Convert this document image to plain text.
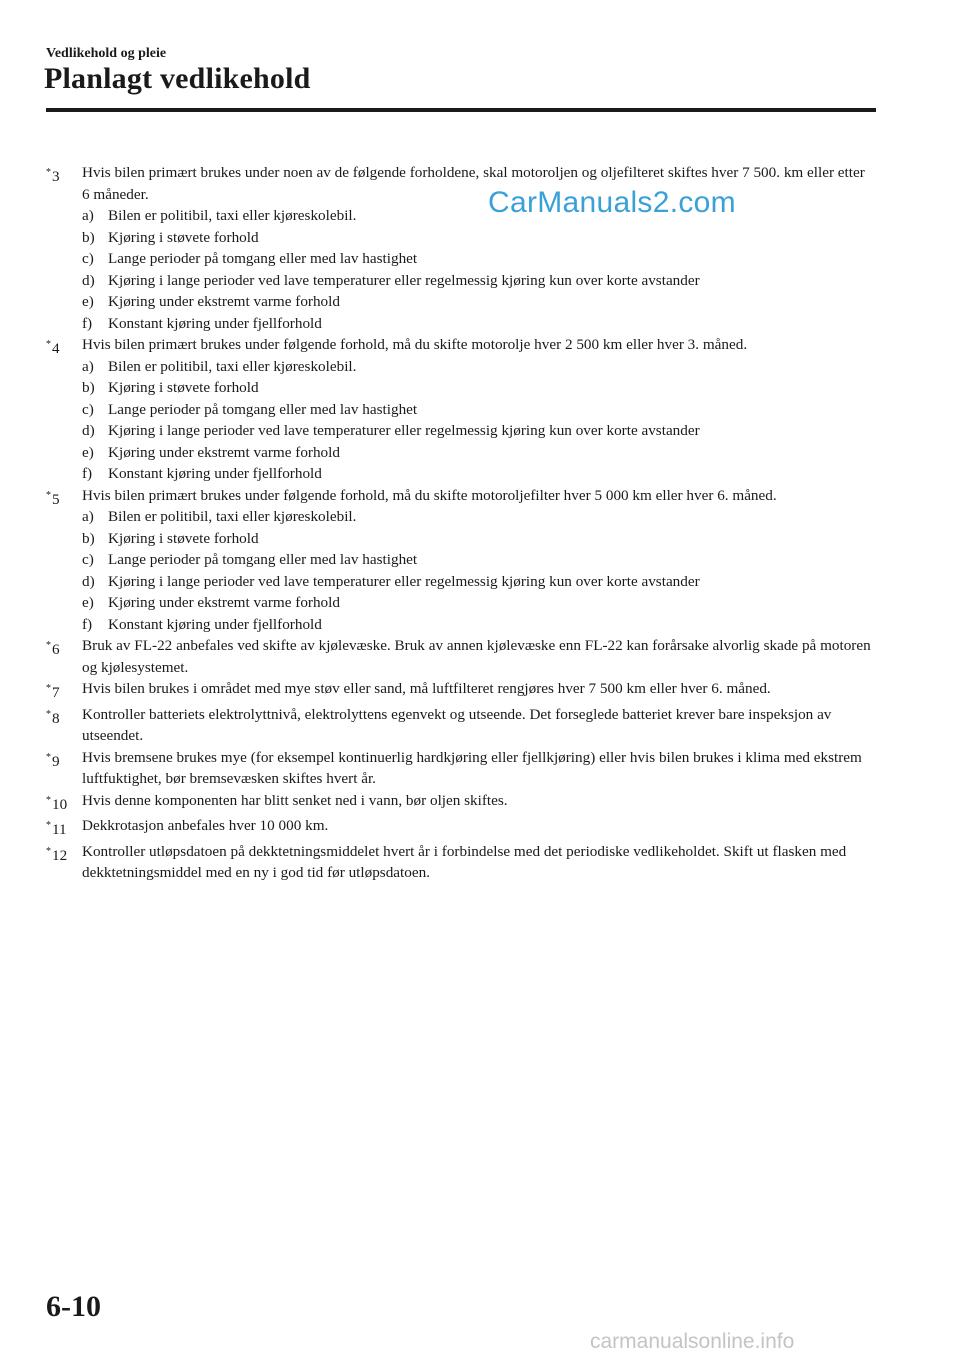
Vedlikehold og pleie
Planlagt vedlikehold
*3	Hvis bilen primært brukes under noen av de følgende forholdene, skal motoroljen og oljefilteret skiftes hver 7 500. km eller etter 6 måneder.
a) Bilen er politibil, taxi eller kjøreskolebil.
b) Kjøring i støvete forhold
c) Lange perioder på tomgang eller med lav hastighet
d) Kjøring i lange perioder ved lave temperaturer eller regelmessig kjøring kun over korte avstander
e) Kjøring under ekstremt varme forhold
f)	Konstant kjøring under fjellforhold
*4	Hvis bilen primært brukes under følgende forhold, må du skifte motorolje hver 2 500 km eller hver 3. måned.
a) Bilen er politibil, taxi eller kjøreskolebil.
b) Kjøring i støvete forhold
c) Lange perioder på tomgang eller med lav hastighet
d) Kjøring i lange perioder ved lave temperaturer eller regelmessig kjøring kun over korte avstander
e) Kjøring under ekstremt varme forhold
f)	Konstant kjøring under fjellforhold
*5	Hvis bilen primært brukes under følgende forhold, må du skifte motoroljefilter hver 5 000 km eller hver 6. måned.
a) Bilen er politibil, taxi eller kjøreskolebil.
b) Kjøring i støvete forhold
c) Lange perioder på tomgang eller med lav hastighet
d) Kjøring i lange perioder ved lave temperaturer eller regelmessig kjøring kun over korte avstander
e) Kjøring under ekstremt varme forhold
f)	Konstant kjøring under fjellforhold
*6	Bruk av FL-22 anbefales ved skifte av kjølevæske. Bruk av annen kjølevæske enn FL-22 kan forårsake alvorlig skade på motoren og kjølesystemet.
*7	Hvis bilen brukes i området med mye støv eller sand, må luftfilteret rengjøres hver 7 500 km eller hver 6. måned.
*8	Kontroller batteriets elektrolyttnivå, elektrolyttens egenvekt og utseende. Det forseglede batteriet krever bare inspeksjon av utseendet.
*9	Hvis bremsene brukes mye (for eksempel kontinuerlig hardkjøring eller fjellkjøring) eller hvis bilen brukes i klima med ekstrem luftfuktighet, bør bremsevæsken skiftes hvert år.
*10 Hvis denne komponenten har blitt senket ned i vann, bør oljen skiftes.
*11	Dekkrotasjon anbefales hver 10 000 km.
*12 Kontroller utløpsdatoen på dekktetningsmiddelet hvert år i forbindelse med det periodiske vedlikeholdet. Skift ut flasken med dekktetningsmiddel med en ny i god tid før utløpsdatoen.
CarManuals2.com
6-10
carmanualsonline.info
